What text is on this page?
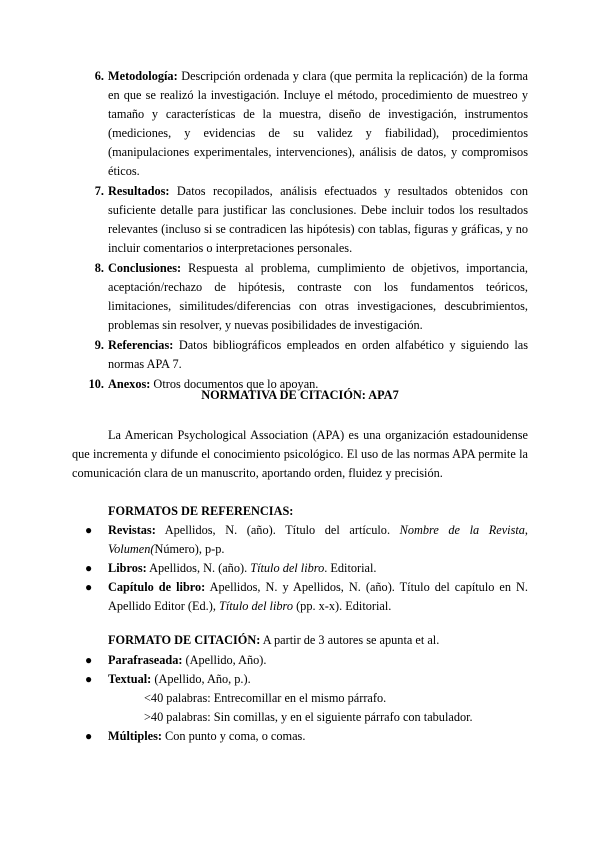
6. Metodología: Descripción ordenada y clara (que permita la replicación) de la forma en que se realizó la investigación. Incluye el método, procedimiento de muestreo y tamaño y características de la muestra, diseño de investigación, instrumentos (mediciones, y evidencias de su validez y fiabilidad), procedimientos (manipulaciones experimentales, intervenciones), análisis de datos, y compromisos éticos.
7. Resultados: Datos recopilados, análisis efectuados y resultados obtenidos con suficiente detalle para justificar las conclusiones. Debe incluir todos los resultados relevantes (incluso si se contradicen las hipótesis) con tablas, figuras y gráficas, y no incluir comentarios o interpretaciones personales.
8. Conclusiones: Respuesta al problema, cumplimiento de objetivos, importancia, aceptación/rechazo de hipótesis, contraste con los fundamentos teóricos, limitaciones, similitudes/diferencias con otras investigaciones, descubrimientos, problemas sin resolver, y nuevas posibilidades de investigación.
9. Referencias: Datos bibliográficos empleados en orden alfabético y siguiendo las normas APA 7.
10. Anexos: Otros documentos que lo apoyan.
NORMATIVA DE CITACIÓN: APA7
La American Psychological Association (APA) es una organización estadounidense que incrementa y difunde el conocimiento psicológico. El uso de las normas APA permite la comunicación clara de un manuscrito, aportando orden, fluidez y precisión.
FORMATOS DE REFERENCIAS:
● Revistas: Apellidos, N. (año). Título del artículo. Nombre de la Revista, Volumen(Número), p-p.
● Libros: Apellidos, N. (año). Título del libro. Editorial.
● Capítulo de libro: Apellidos, N. y Apellidos, N. (año). Título del capítulo en N. Apellido Editor (Ed.), Título del libro (pp. x-x). Editorial.
FORMATO DE CITACIÓN: A partir de 3 autores se apunta et al.
● Parafraseada: (Apellido, Año).
● Textual: (Apellido, Año, p.).
<40 palabras: Entrecomillar en el mismo párrafo.
>40 palabras: Sin comillas, y en el siguiente párrafo con tabulador.
● Múltiples: Con punto y coma, o comas.
